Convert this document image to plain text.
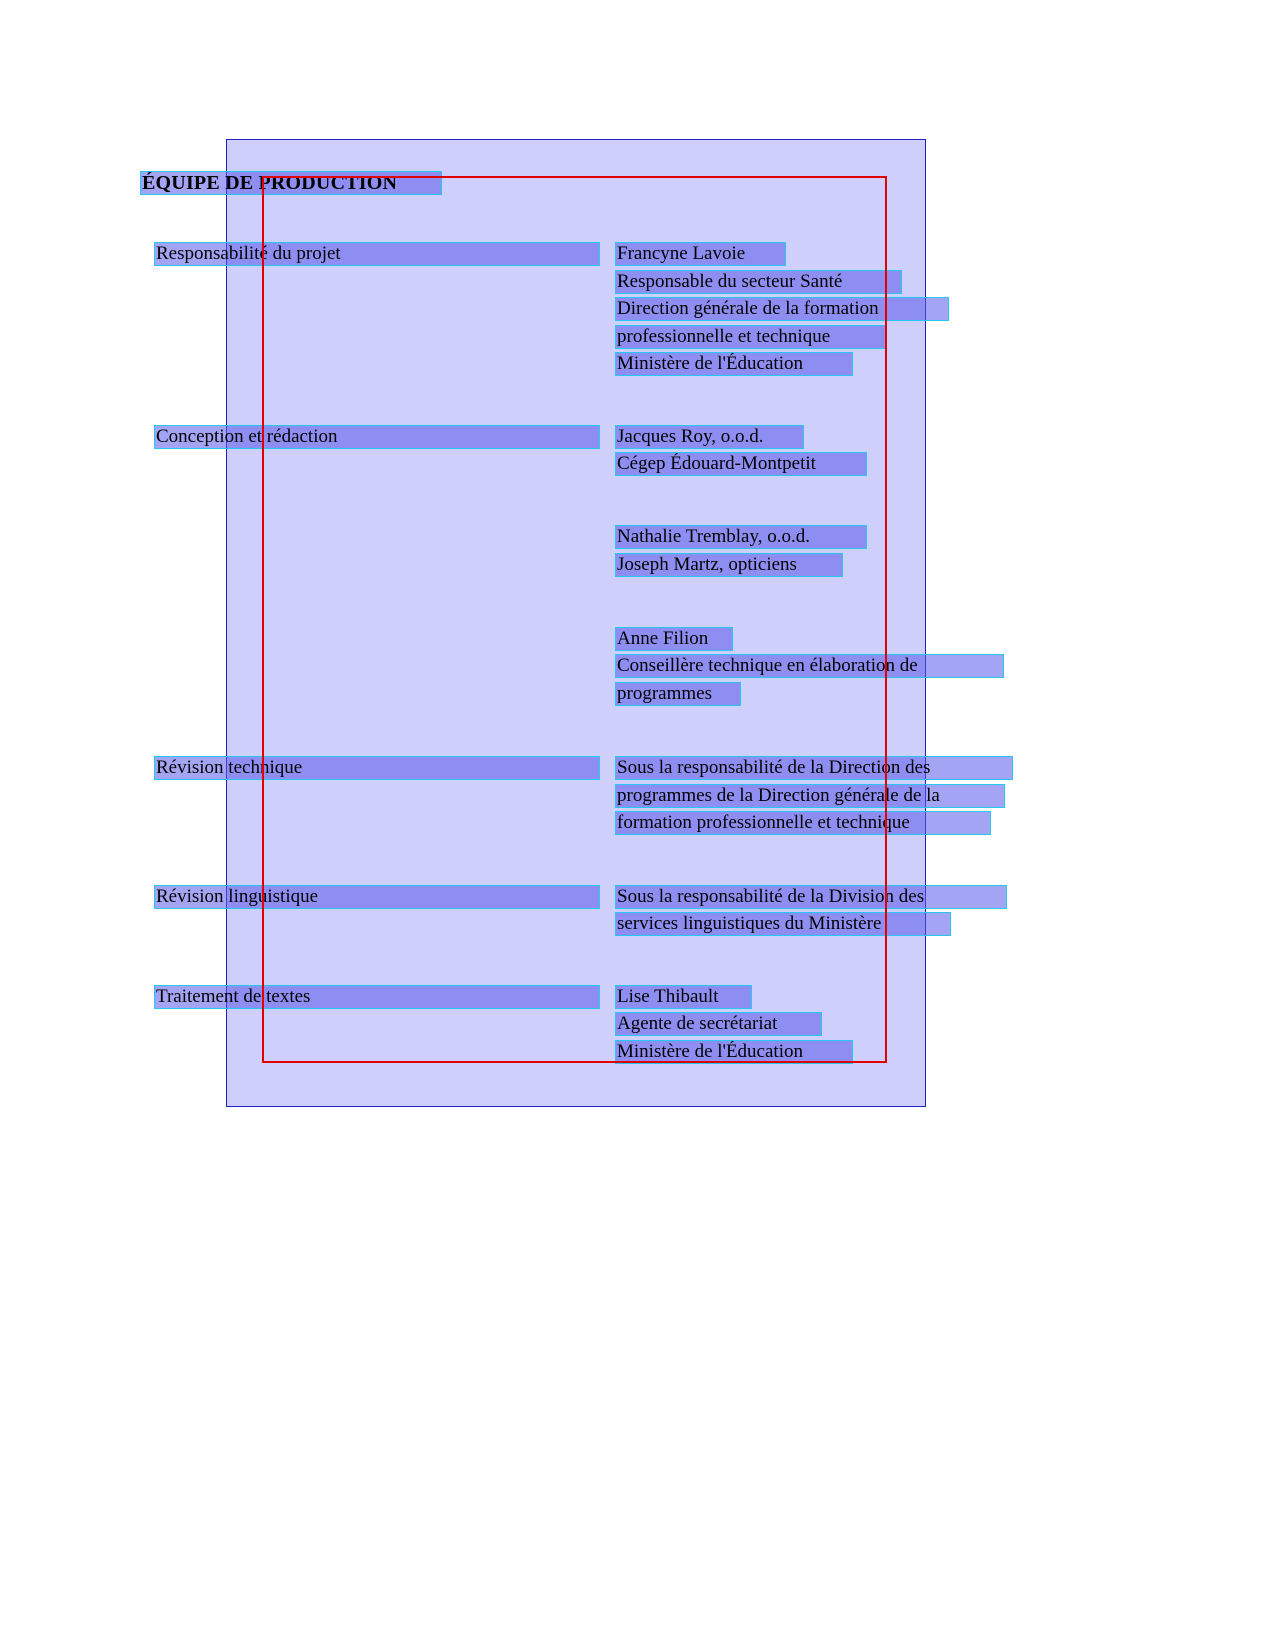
ÉQUIPE DE PRODUCTION
Responsabilité du projet	Francyne Lavoie
Responsable du secteur Santé
Direction générale de la formation
professionnelle et technique
Ministère de l'Éducation
Conception et rédaction	Jacques Roy, o.o.d.
Cégep Édouard-Montpetit
Nathalie Tremblay, o.o.d.
Joseph Martz, opticiens
Anne Filion
Conseillère technique en élaboration de
programmes
Révision technique	Sous la responsabilité de la Direction des
programmes de la Direction générale de la
formation professionnelle et technique
Révision linguistique	Sous la responsabilité de la Division des
services linguistiques du Ministère
Traitement de textes	Lise Thibault
Agente de secrétariat
Ministère de l'Éducation
